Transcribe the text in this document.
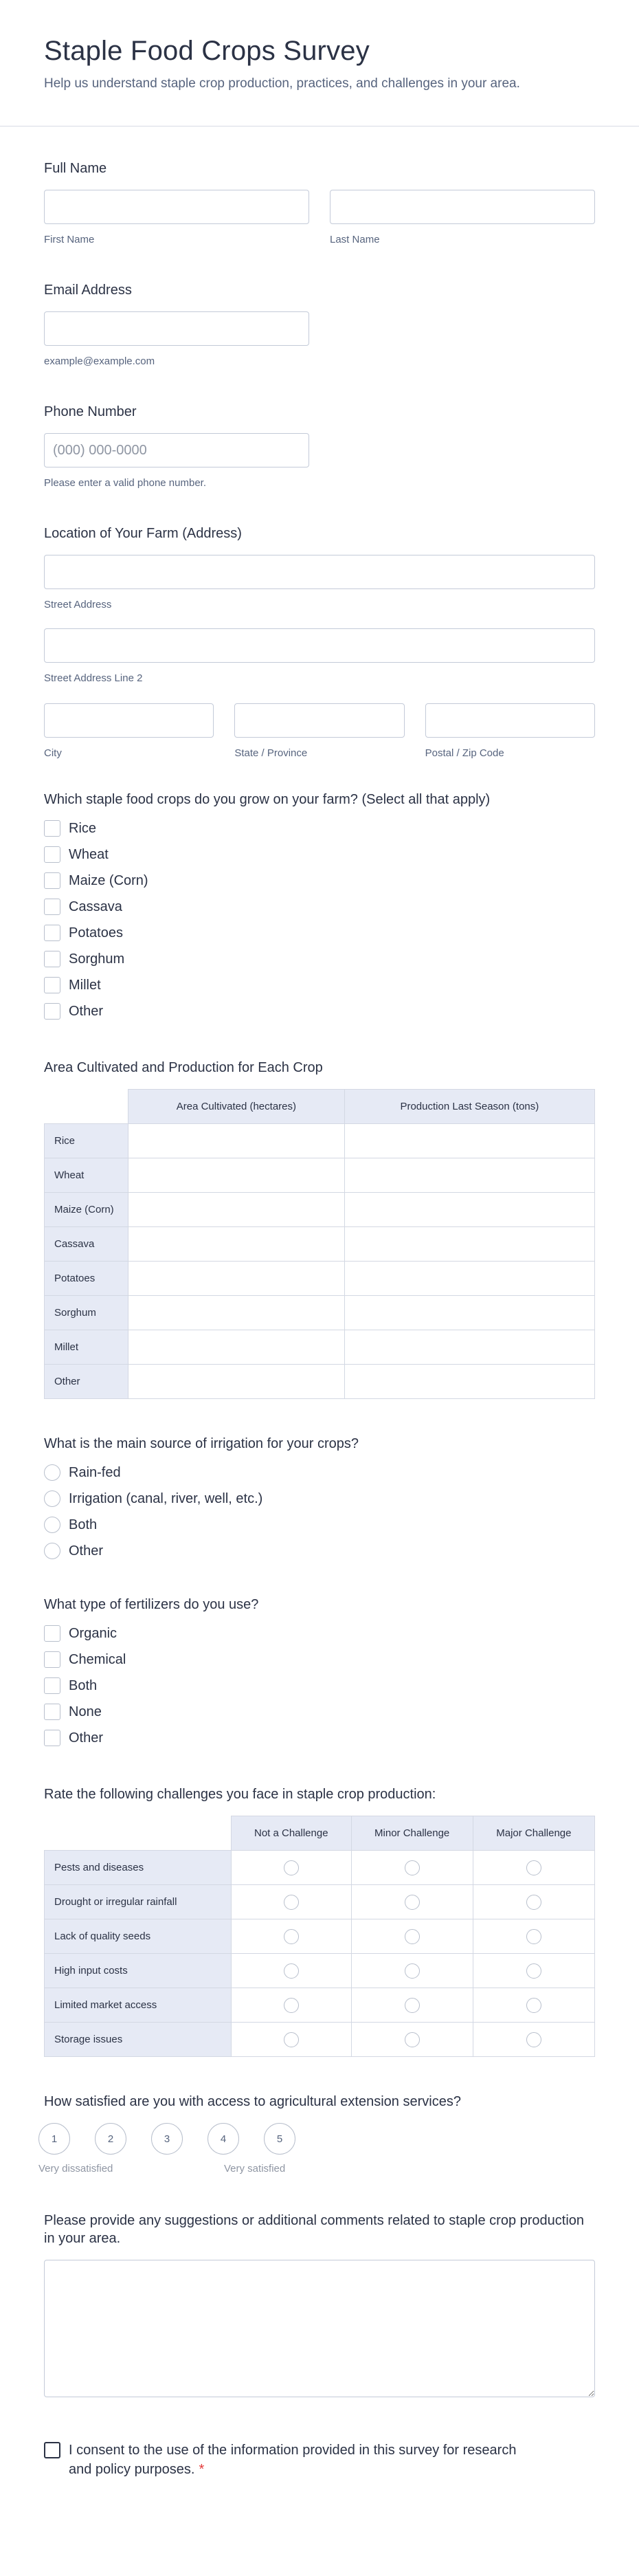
Staple Food Crops Survey

Help us understand staple crop production, practices, and challenges in your area.

Full Name
First Name	Last Name
Email Address
example@example.com
Phone Number
(000) 000-0000
Please enter a valid phone number.
Location of Your Farm (Address)
Street Address
Street Address Line 2
City	State / Province	Postal / Zip Code
Which staple food crops do you grow on your farm? (Select all that apply)
Rice
Wheat
Maize (Corn)
Cassava
Potatoes
Sorghum
Millet
Other
Area Cultivated and Production for Each Crop
	Area Cultivated (hectares)	Production Last Season (tons)
Rice		
Wheat		
Maize (Corn)		
Cassava		
Potatoes		
Sorghum		
Millet		
Other		
What is the main source of irrigation for your crops?
Rain-fed
Irrigation (canal, river, well, etc.)
Both
Other
What type of fertilizers do you use?
Organic
Chemical
Both
None
Other
Rate the following challenges you face in staple crop production:
	Not a Challenge	Minor Challenge	Major Challenge
Pests and diseases	

Drought or irregular rainfall	

Lack of quality seeds	

High input costs	

Limited market access	

Storage issues	

How satisfied are you with access to agricultural extension services?
1	2	3	4	5
Very dissatisfied	Very satisfied
Please provide any suggestions or additional comments related to staple crop production in your area.
I consent to the use of the information provided in this survey for research and policy purposes. *
